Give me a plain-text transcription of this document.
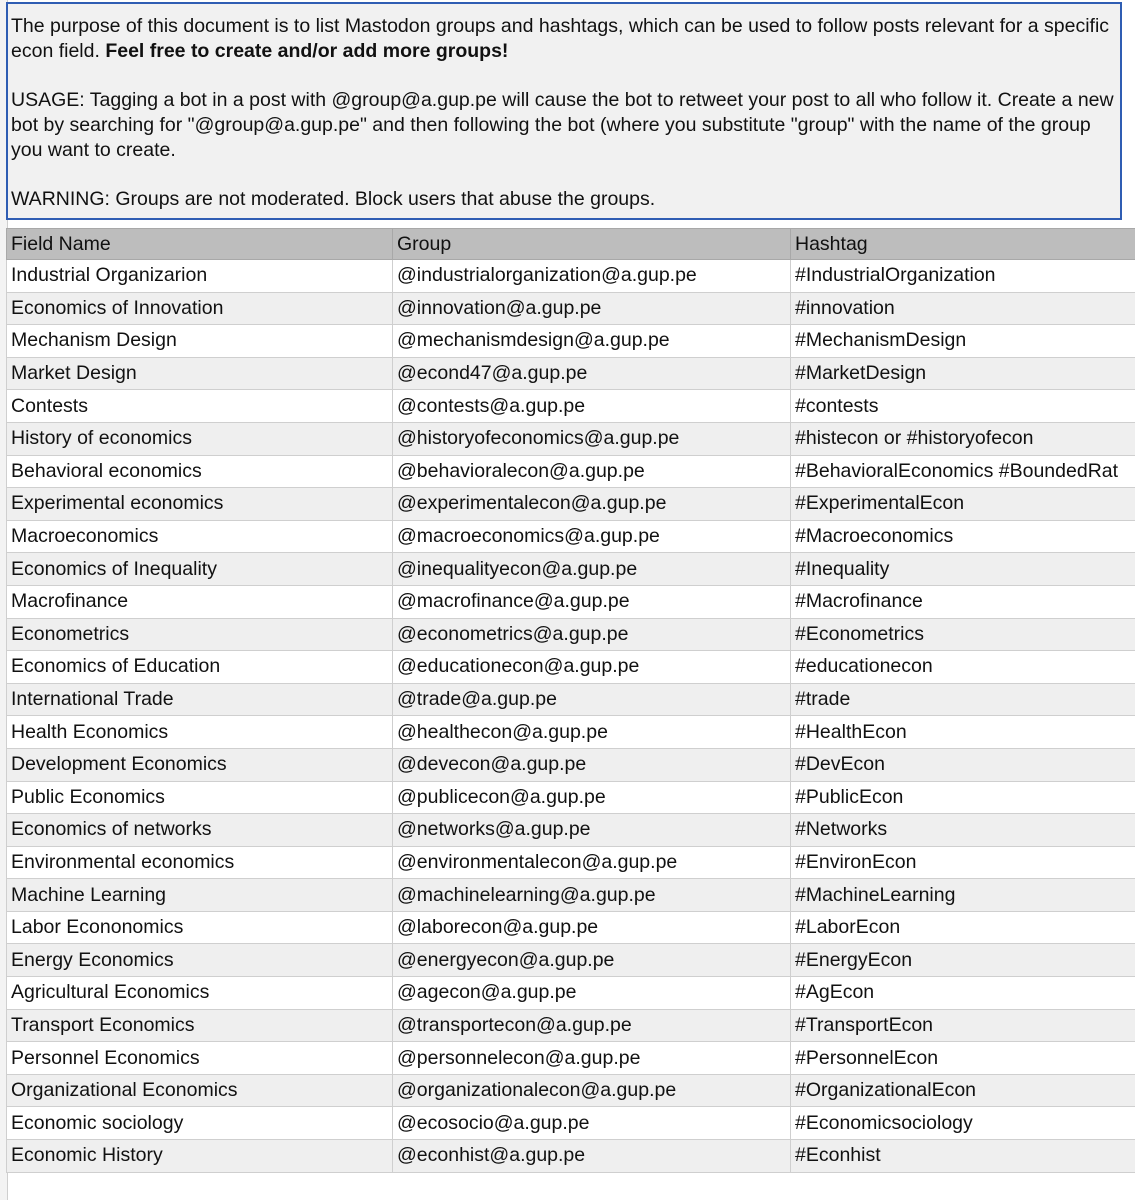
The purpose of this document is to list Mastodon groups and hashtags, which can be used to follow posts relevant for a specific econ field. Feel free to create and/or add more groups!

USAGE: Tagging a bot in a post with @group@a.gup.pe will cause the bot to retweet your post to all who follow it. Create a new bot by searching for "@group@a.gup.pe" and then following the bot (where you substitute "group" with the name of the group you want to create.

WARNING: Groups are not moderated. Block users that abuse the groups.

Field Name	Group	Hashtag
Industrial Organizarion	@industrialorganization@a.gup.pe	#IndustrialOrganization
Economics of Innovation	@innovation@a.gup.pe	#innovation
Mechanism Design	@mechanismdesign@a.gup.pe	#MechanismDesign
Market Design	@econd47@a.gup.pe	#MarketDesign
Contests	@contests@a.gup.pe	#contests
History of economics	@historyofeconomics@a.gup.pe	#histecon or #historyofecon
Behavioral economics	@behavioralecon@a.gup.pe	#BehavioralEconomics #BoundedRat
Experimental economics	@experimentalecon@a.gup.pe	#ExperimentalEcon
Macroeconomics	@macroeconomics@a.gup.pe	#Macroeconomics
Economics of Inequality	@inequalityecon@a.gup.pe	#Inequality
Macrofinance	@macrofinance@a.gup.pe	#Macrofinance
Econometrics	@econometrics@a.gup.pe	#Econometrics
Economics of Education	@educationecon@a.gup.pe	#educationecon
International Trade	@trade@a.gup.pe	#trade
Health Economics	@healthecon@a.gup.pe	#HealthEcon
Development Economics	@devecon@a.gup.pe	#DevEcon
Public Economics	@publicecon@a.gup.pe	#PublicEcon
Economics of networks	@networks@a.gup.pe	#Networks
Environmental economics	@environmentalecon@a.gup.pe	#EnvironEcon
Machine Learning	@machinelearning@a.gup.pe	#MachineLearning
Labor Econonomics	@laborecon@a.gup.pe	#LaborEcon
Energy Economics	@energyecon@a.gup.pe	#EnergyEcon
Agricultural Economics	@agecon@a.gup.pe	#AgEcon
Transport Economics	@transportecon@a.gup.pe	#TransportEcon
Personnel Economics	@personnelecon@a.gup.pe	#PersonnelEcon
Organizational Economics	@organizationalecon@a.gup.pe	#OrganizationalEcon
Economic sociology	@ecosocio@a.gup.pe	#Economicsociology
Economic History	@econhist@a.gup.pe	#Econhist
